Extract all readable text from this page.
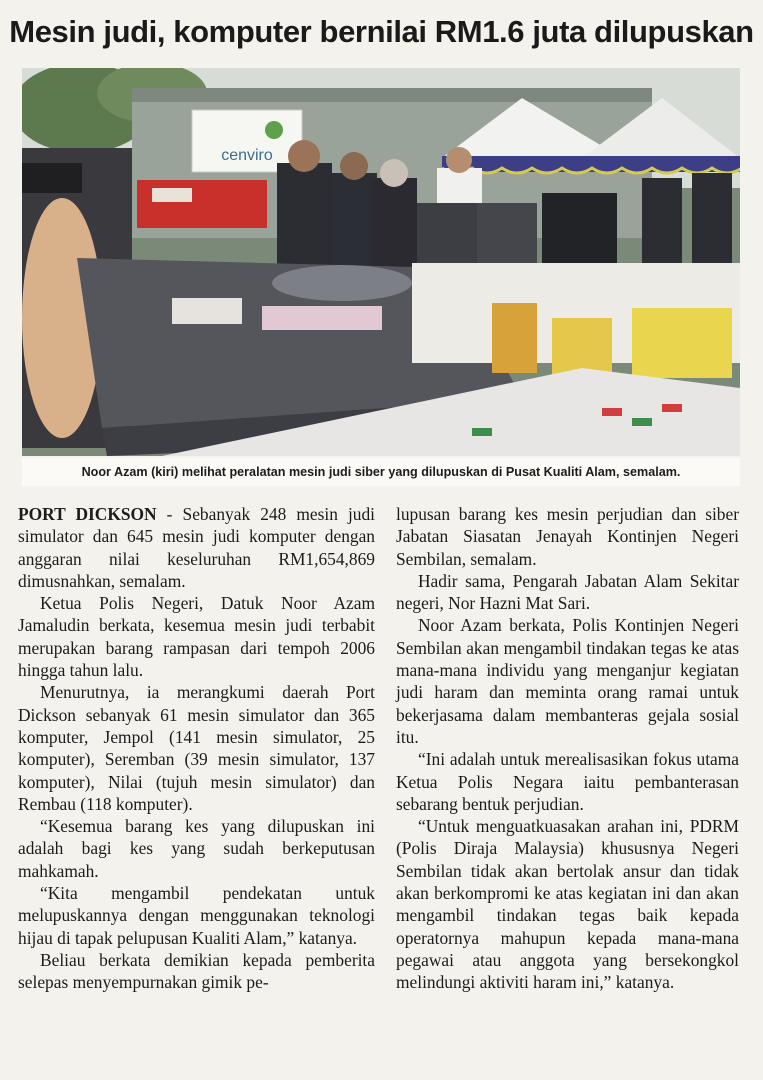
Mesin judi, komputer bernilai RM1.6 juta dilupuskan
cenviro
Noor Azam (kiri) melihat peralatan mesin judi siber yang dilupuskan di Pusat Kualiti Alam, semalam.

PORT DICKSON - Sebanyak 248 mesin judi simulator dan 645 mesin judi komputer dengan anggaran nilai keseluruhan RM1,654,869 dimusnahkan, semalam.

Ketua Polis Negeri, Datuk Noor Azam Jamaludin berkata, kesemua mesin judi terbabit merupakan barang rampasan dari tempoh 2006 hingga tahun lalu.

Menurutnya, ia merangkumi daerah Port Dickson sebanyak 61 mesin simulator dan 365 komputer, Jempol (141 mesin simulator, 25 komputer), Seremban (39 mesin simulator, 137 komputer), Nilai (tujuh mesin simulator) dan Rembau (118 komputer).

“Kesemua barang kes yang dilupuskan ini adalah bagi kes yang sudah berkeputusan mahkamah.

“Kita mengambil pendekatan untuk melupuskannya dengan menggunakan teknologi hijau di tapak pelupusan Kualiti Alam,” katanya.

Beliau berkata demikian kepada pemberita selepas menyempurnakan gimik pe-

lupusan barang kes mesin perjudian dan siber Jabatan Siasatan Jenayah Kontinjen Negeri Sembilan, semalam.

Hadir sama, Pengarah Jabatan Alam Sekitar negeri, Nor Hazni Mat Sari.

Noor Azam berkata, Polis Kontinjen Negeri Sembilan akan mengambil tindakan tegas ke atas mana-mana individu yang menganjur kegiatan judi haram dan meminta orang ramai untuk bekerjasama dalam membanteras gejala sosial itu.

“Ini adalah untuk merealisasikan fokus utama Ketua Polis Negara iaitu pembanterasan sebarang bentuk perjudian.

“Untuk menguatkuasakan arahan ini, PDRM (Polis Diraja Malaysia) khususnya Negeri Sembilan tidak akan bertolak ansur dan tidak akan berkompromi ke atas kegiatan ini dan akan mengambil tindakan tegas baik kepada operatornya mahupun kepada mana-mana pegawai atau anggota yang bersekongkol melindungi aktiviti haram ini,” katanya.
